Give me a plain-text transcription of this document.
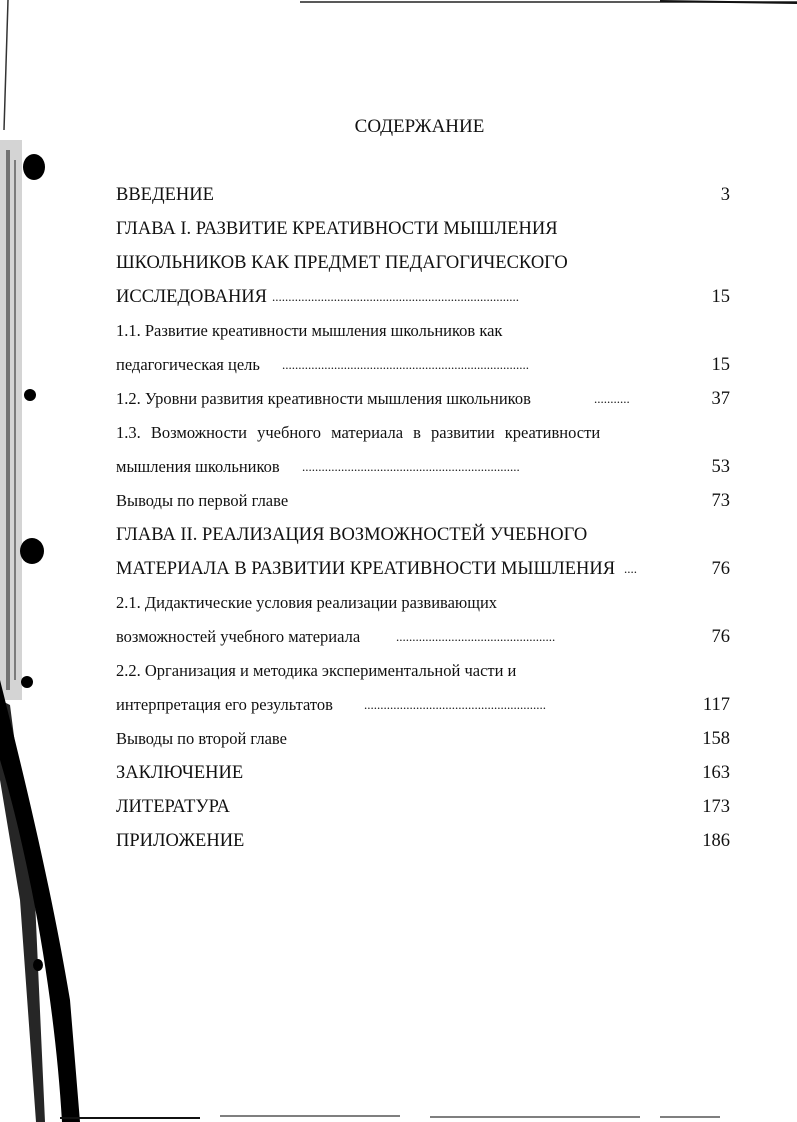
СОДЕРЖАНИЕ
ВВЕДЕНИЕ	3
ГЛАВА I. РАЗВИТИЕ КРЕАТИВНОСТИ МЫШЛЕНИЯ
ШКОЛЬНИКОВ КАК ПРЕДМЕТ ПЕДАГОГИЧЕСКОГО
ИССЛЕДОВАНИЯ ............................................................................	15
1.1. Развитие креативности мышления школьников как
педагогическая цель ............................................................................	15
1.2. Уровни развития креативности мышления школьников	...........	37
1.3. Возможности учебного материала в развитии креативности
мышления школьников ...................................................................	53
Выводы по первой главе	73
ГЛАВА II. РЕАЛИЗАЦИЯ ВОЗМОЖНОСТЕЙ УЧЕБНОГО
МАТЕРИАЛА В РАЗВИТИИ КРЕАТИВНОСТИ МЫШЛЕНИЯ ....	76
2.1. Дидактические условия реализации развивающих
возможностей учебного материала	.................................................	76
2.2. Организация и методика экспериментальной части и
интерпретация его результатов ........................................................	117
Выводы по второй главе	158
ЗАКЛЮЧЕНИЕ	163
ЛИТЕРАТУРА	173
ПРИЛОЖЕНИЕ	186
